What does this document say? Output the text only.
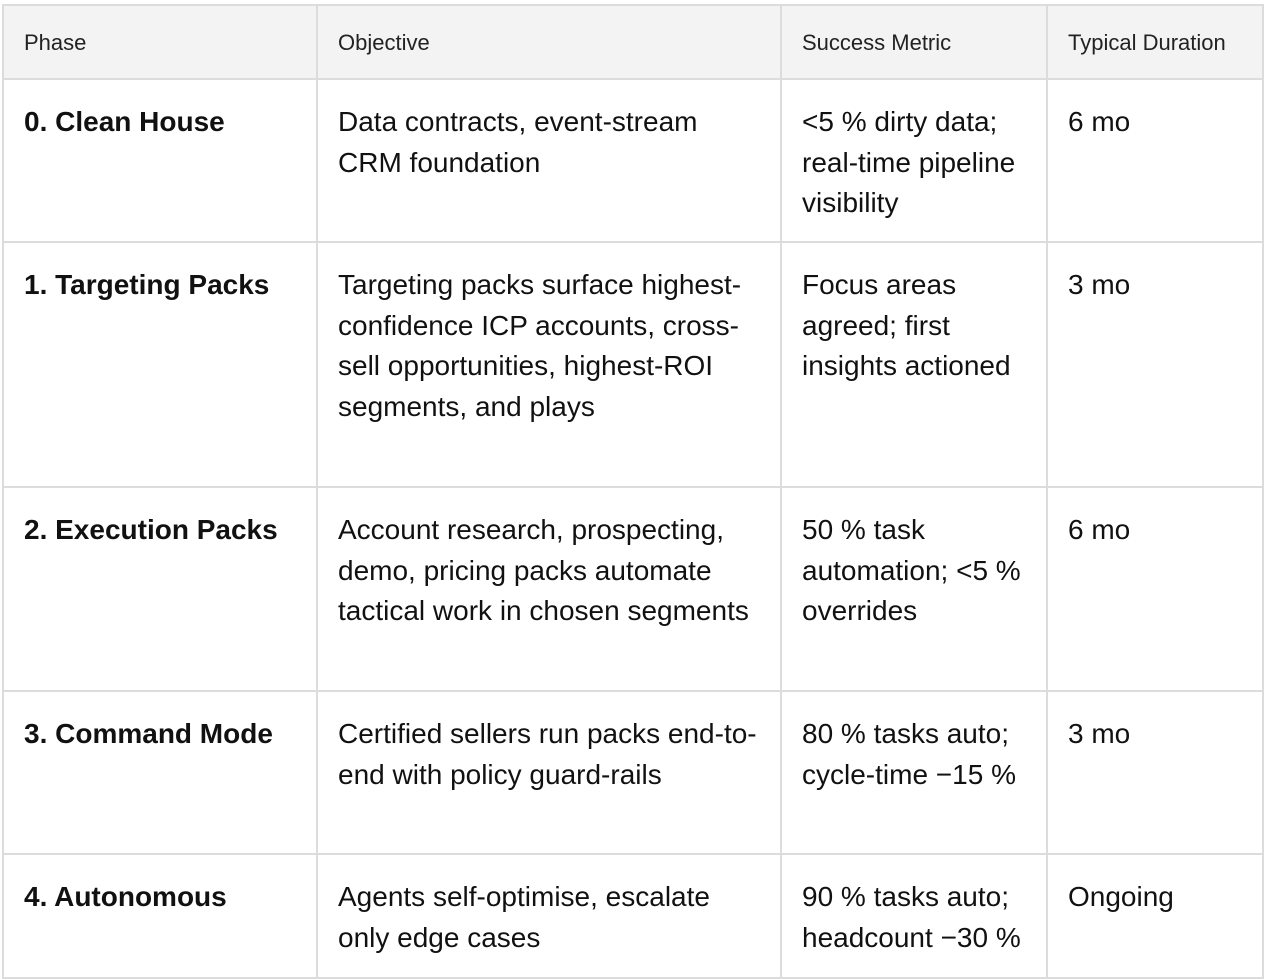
Phase	Objective	Success Metric	Typical Duration
0. Clean House	Data contracts, event-stream CRM foundation	<5 % dirty data; real-time pipeline visibility	6 mo
1. Targeting Packs	Targeting packs surface highest-confidence ICP accounts, cross-sell opportunities, highest-ROI segments, and plays	Focus areas agreed; first insights actioned	3 mo
2. Execution Packs	Account research, prospecting, demo, pricing packs automate tactical work in chosen segments	50 % task automation; <5 % overrides	6 mo
3. Command Mode	Certified sellers run packs end-to-end with policy guard-rails	80 % tasks auto; cycle-time −15 %	3 mo
4. Autonomous	Agents self-optimise, escalate only edge cases	90 % tasks auto; headcount −30 %	Ongoing
